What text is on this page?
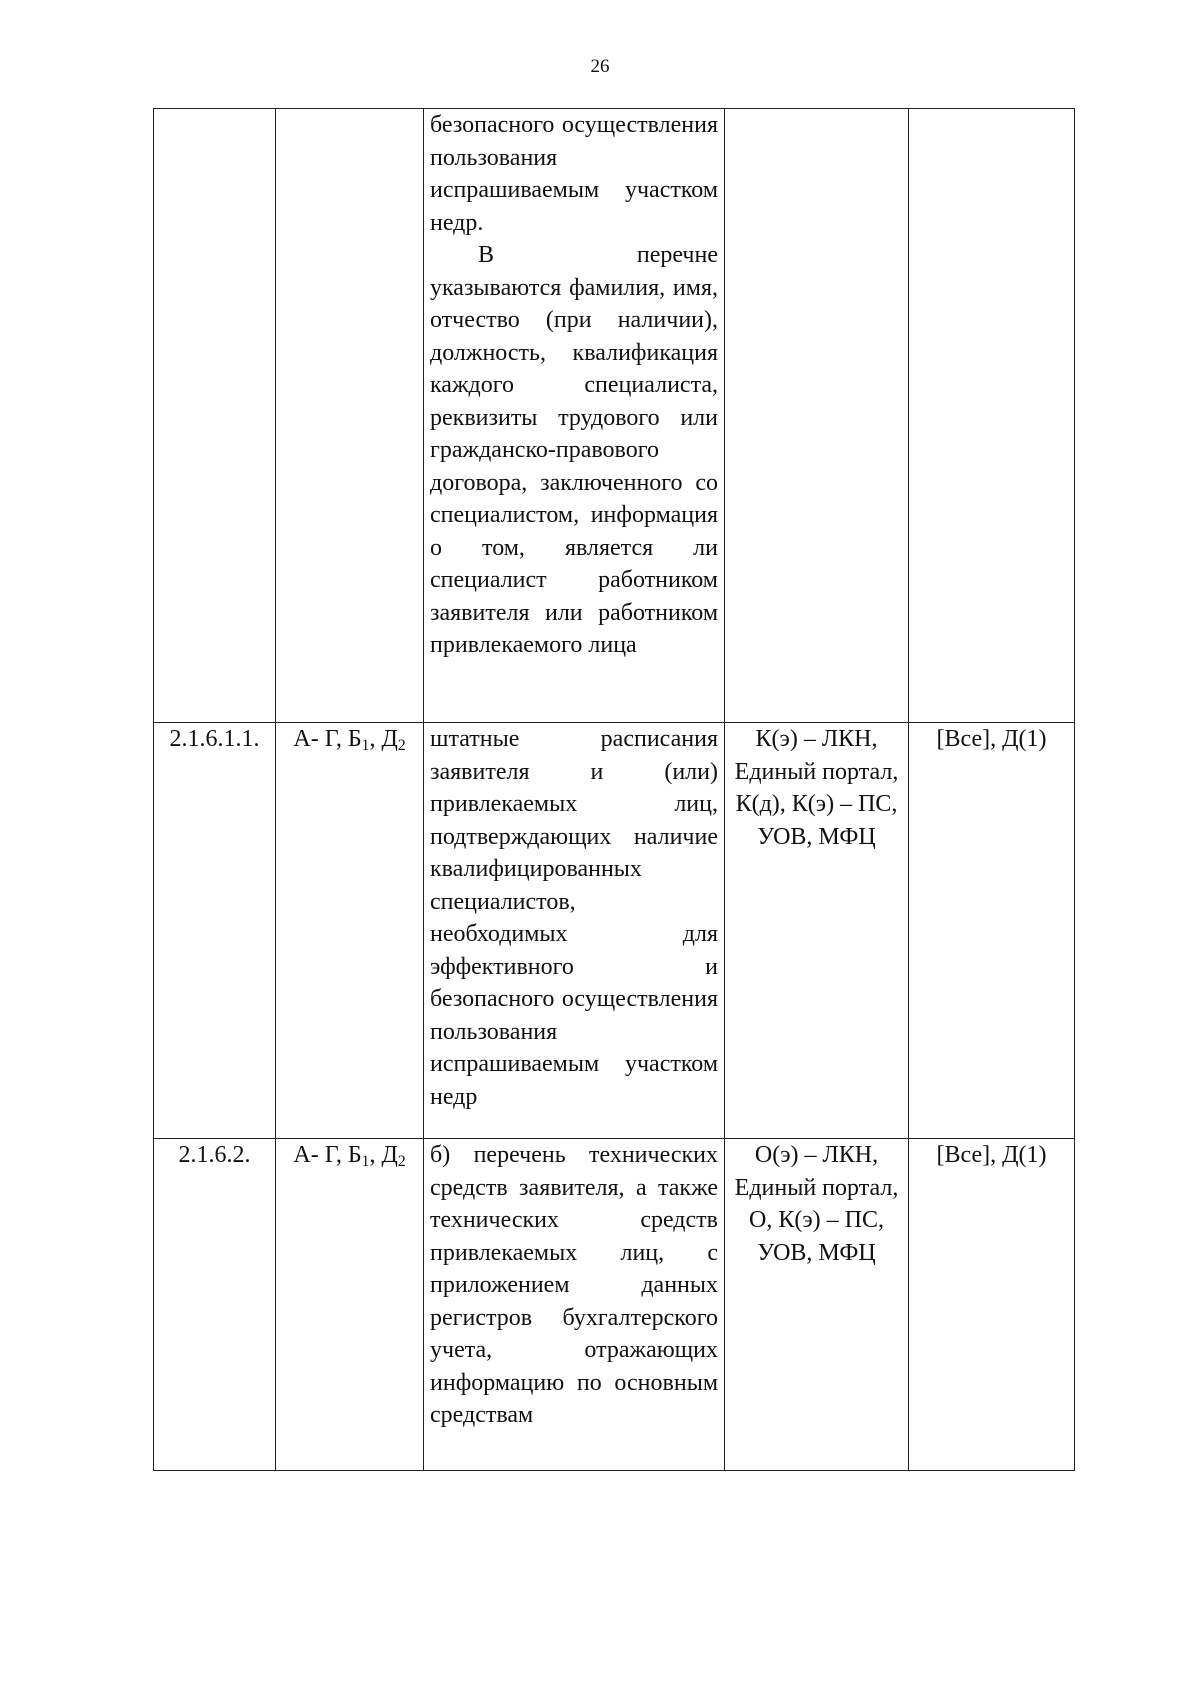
26

		безопасного осуществления пользования испрашиваемым участком недр.

В перечне указываются фамилия, имя, отчество (при наличии), должность, квалификация каждого специалиста, реквизиты трудового или гражданско-правового договора, заключенного со специалистом, информация о том, является ли специалист работником заявителя или работником привлекаемого лица		

2.1.6.1.1.	А- Г, $Б_1$, $Д_2$	штатные расписания заявителя и (или) привлекаемых лиц, подтверждающих наличие квалифицированных специалистов, необходимых для эффективного и безопасного осуществления пользования испрашиваемым участком недр	К(э) – ЛКН, Единый портал, К(д), К(э) – ПС, УОВ, МФЦ	[Все], Д(1)
2.1.6.2.	А- Г, $Б_1$, $Д_2$	б) перечень технических средств заявителя, а также технических средств привлекаемых лиц, с приложением данных регистров бухгалтерского учета, отражающих информацию по основным средствам	О(э) – ЛКН, Единый портал, О, К(э) – ПС, УОВ, МФЦ	[Все], Д(1)
